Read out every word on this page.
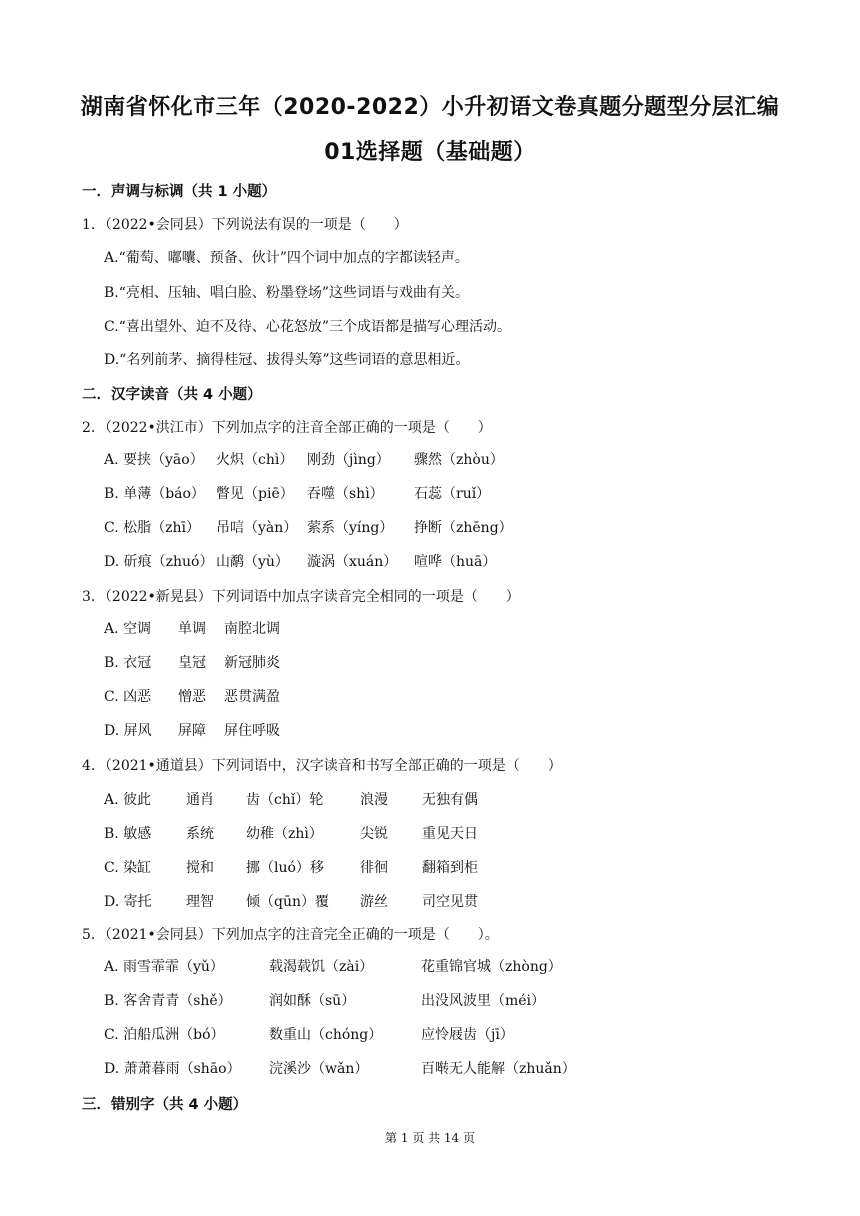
湖南省怀化市三年（2020-2022）小升初语文卷真题分题型分层汇编
01选择题（基础题）
一．声调与标调（共 1 小题）
1．（2022•会同县）下列说法有误的一项是（　　）
A.“葡萄、嘟囔、预备、伙计”四个词中加点的字都读轻声。
B.“亮相、压轴、唱白脸、粉墨登场”这些词语与戏曲有关。
C.“喜出望外、迫不及待、心花怒放”三个成语都是描写心理活动。
D.“名列前茅、摘得桂冠、拔得头筹”这些词语的意思相近。
二．汉字读音（共 4 小题）
2．（2022•洪江市）下列加点字的注音全部正确的一项是（　　）
A. 要挟（yāo） 火炽（chì） 刚劲（jìng） 骤然（zhòu）
B. 单薄（báo） 瞥见（piē） 吞噬（shì） 石蕊（ruǐ）
C. 松脂（zhī） 吊唁（yàn） 萦系（yíng） 挣断（zhēng）
D. 斫痕（zhuó） 山鹬（yù） 漩涡（xuán） 喧哗（huā）
3．（2022•新晃县）下列词语中加点字读音完全相同的一项是（　　）
A. 空调 单调 南腔北调
B. 衣冠 皇冠 新冠肺炎
C. 凶恶 憎恶 恶贯满盈
D. 屏风 屏障 屏住呼吸
4．（2021•通道县）下列词语中，汉字读音和书写全部正确的一项是（　　）
A. 彼此 通肖 齿（chǐ）轮	浪漫 无独有偶
B. 敏感 系统 幼稚（zhì）	尖锐 重见天日
C. 染缸 搅和 挪（luó）移	徘徊 翻箱到柜
D. 寄托 理智 倾（qūn）覆 游丝 司空见贯
5．（2021•会同县）下列加点字的注音完全正确的一项是（　　）。
A. 雨雪霏霏（yǔ）	载渴载饥（zài）	花重锦官城（zhòng）
B. 客舍青青（shě）	润如酥（sū）	出没风波里（méi）
C. 泊船瓜洲（bó）	数重山（chóng）	应怜屐齿（jī）
D. 萧萧暮雨（shāo） 浣溪沙（wǎn）	百啭无人能解（zhuǎn）
三．错别字（共 4 小题）
第 1 页 共 14 页
